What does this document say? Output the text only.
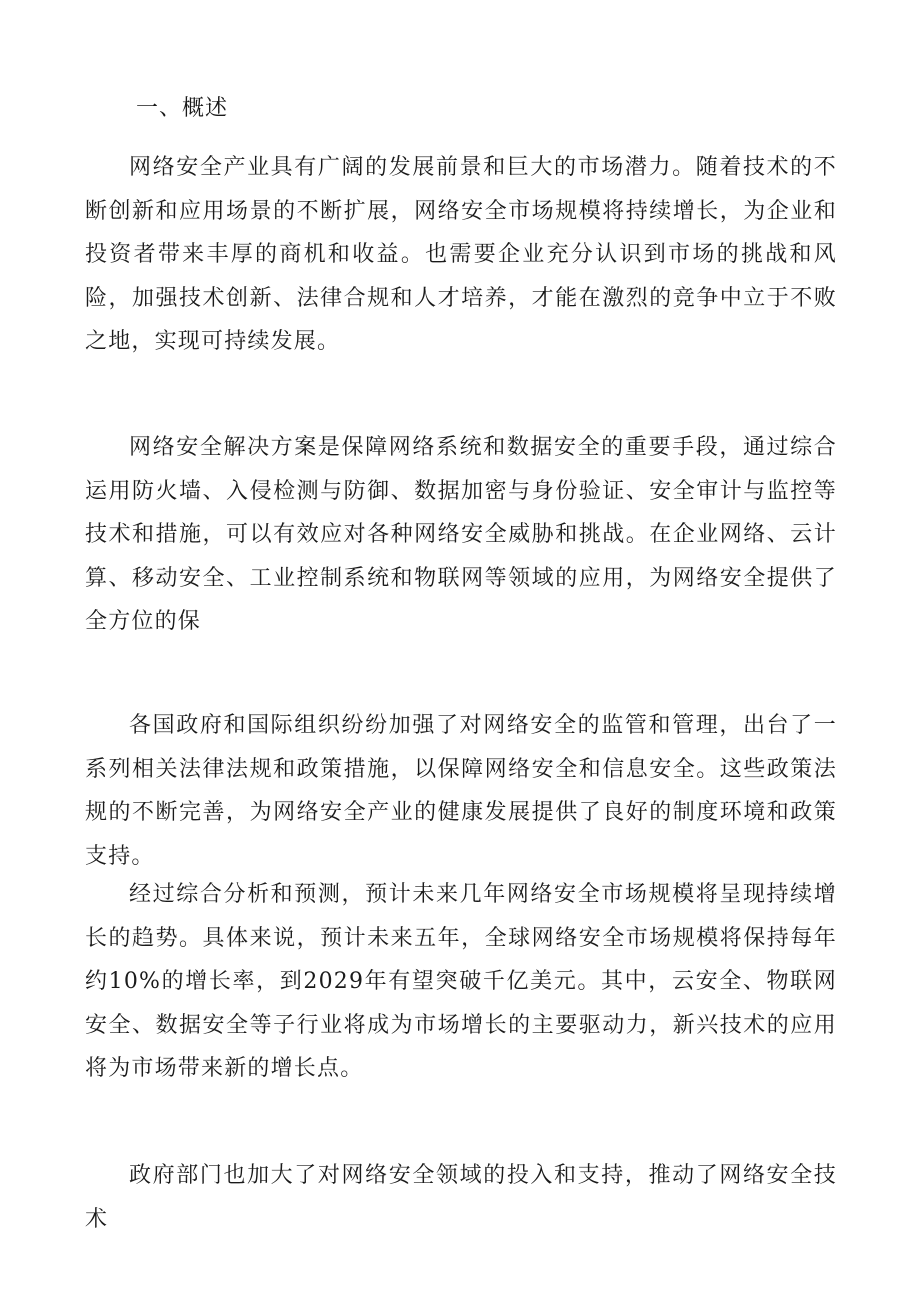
一、概述

网络安全产业具有广阔的发展前景和巨大的市场潜力。随着技术的不断创新和应用场景的不断扩展，网络安全市场规模将持续增长，为企业和投资者带来丰厚的商机和收益。也需要企业充分认识到市场的挑战和风险，加强技术创新、法律合规和人才培养，才能在激烈的竞争中立于不败之地，实现可持续发展。

网络安全解决方案是保障网络系统和数据安全的重要手段，通过综合运用防火墙、入侵检测与防御、数据加密与身份验证、安全审计与监控等技术和措施，可以有效应对各种网络安全威胁和挑战。在企业网络、云计算、移动安全、工业控制系统和物联网等领域的应用，为网络安全提供了全方位的保

各国政府和国际组织纷纷加强了对网络安全的监管和管理，出台了一系列相关法律法规和政策措施，以保障网络安全和信息安全。这些政策法规的不断完善，为网络安全产业的健康发展提供了良好的制度环境和政策支持。

经过综合分析和预测，预计未来几年网络安全市场规模将呈现持续增长的趋势。具体来说，预计未来五年，全球网络安全市场规模将保持每年约10%的增长率，到2029年有望突破千亿美元。其中，云安全、物联网安全、数据安全等子行业将成为市场增长的主要驱动力，新兴技术的应用将为市场带来新的增长点。

政府部门也加大了对网络安全领域的投入和支持，推动了网络安全技术
